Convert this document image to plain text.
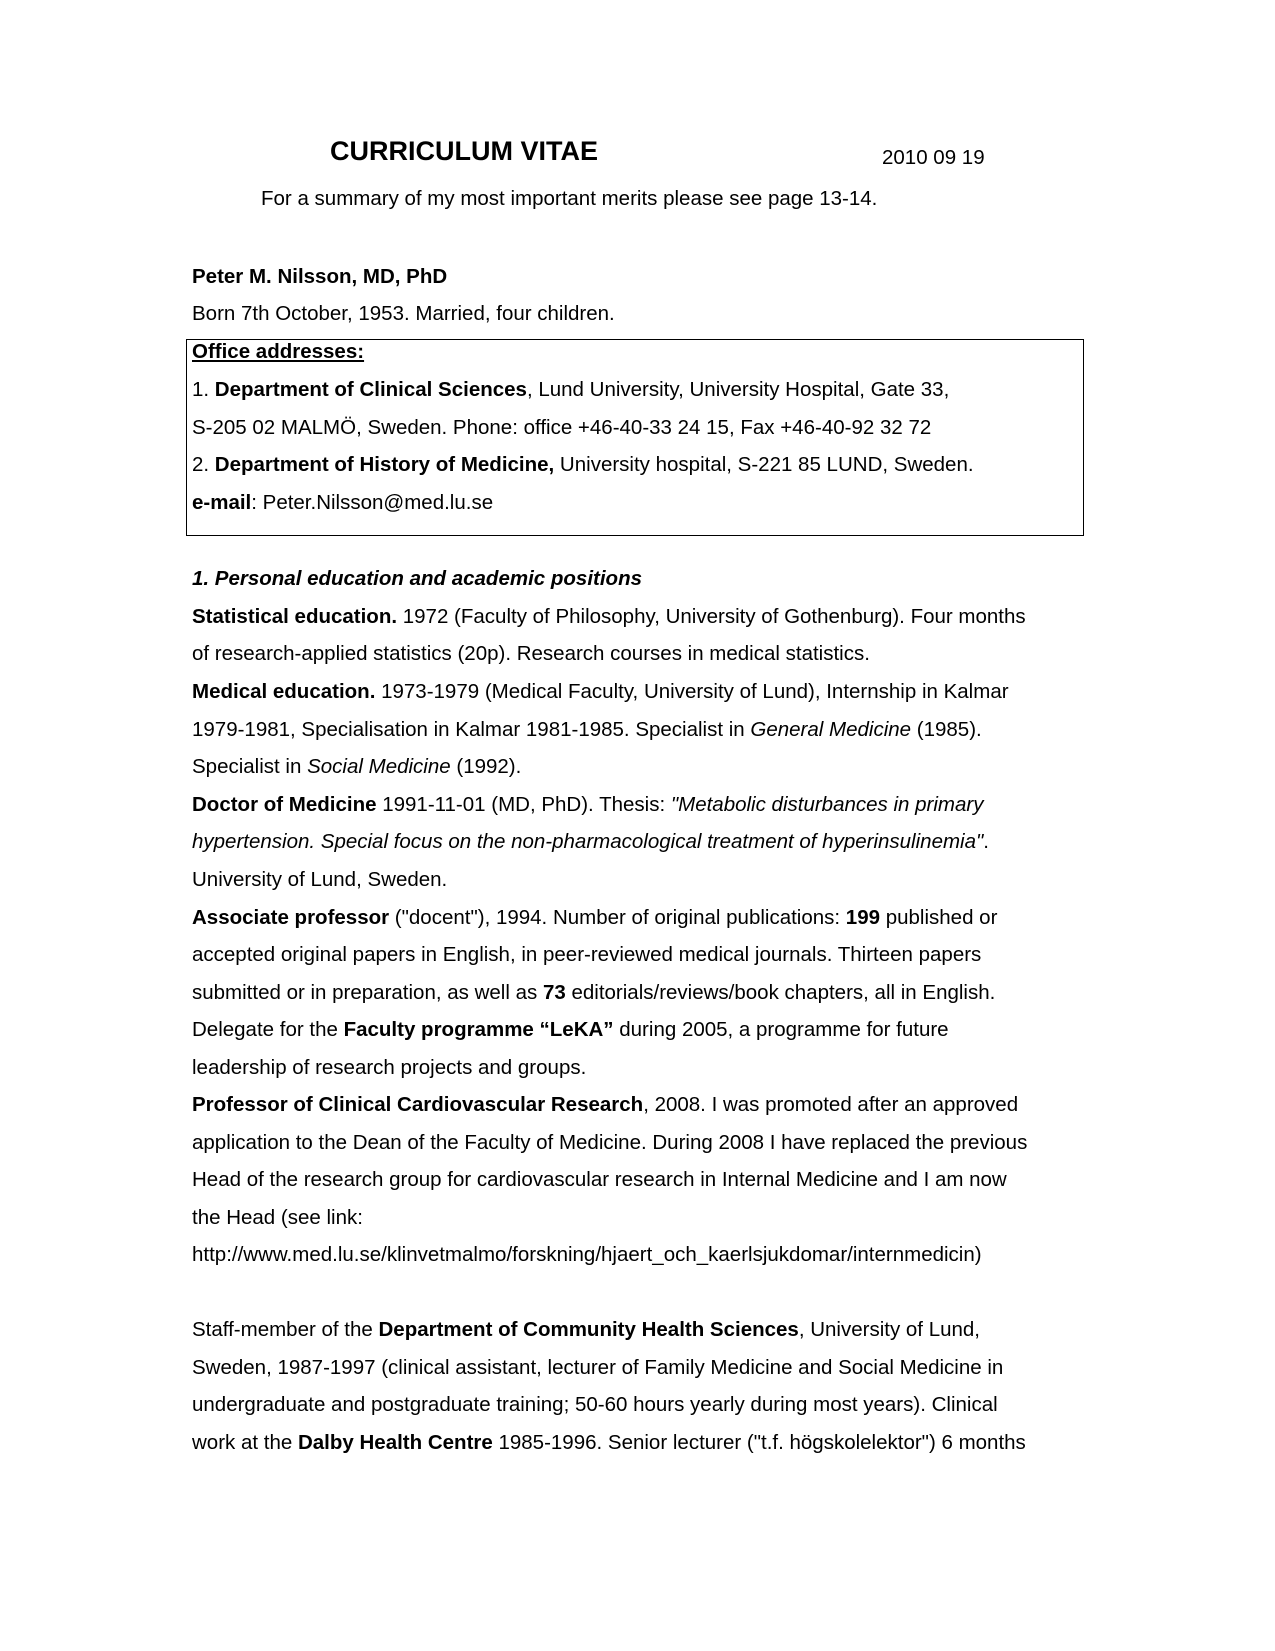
CURRICULUM VITAE	2010 09 19
For a summary of my most important merits please see page 13-14.
Peter M. Nilsson, MD, PhD
Born 7th October, 1953. Married, four children.
Office addresses:
1. Department of Clinical Sciences, Lund University, University Hospital, Gate 33,
S-205 02 MALMÖ, Sweden. Phone: office +46-40-33 24 15, Fax +46-40-92 32 72
2. Department of History of Medicine, University hospital, S-221 85 LUND, Sweden.
e-mail: Peter.Nilsson@med.lu.se
1. Personal education and academic positions
Statistical education. 1972 (Faculty of Philosophy, University of Gothenburg). Four months
of research-applied statistics (20p). Research courses in medical statistics.
Medical education. 1973-1979 (Medical Faculty, University of Lund), Internship in Kalmar
1979-1981, Specialisation in Kalmar 1981-1985. Specialist in General Medicine (1985).
Specialist in Social Medicine (1992).
Doctor of Medicine 1991-11-01 (MD, PhD). Thesis: "Metabolic disturbances in primary
hypertension. Special focus on the non-pharmacological treatment of hyperinsulinemia".
University of Lund, Sweden.
Associate professor ("docent"), 1994. Number of original publications: 199 published or
accepted original papers in English, in peer-reviewed medical journals. Thirteen papers
submitted or in preparation, as well as 73 editorials/reviews/book chapters, all in English.
Delegate for the Faculty programme “LeKA” during 2005, a programme for future
leadership of research projects and groups.
Professor of Clinical Cardiovascular Research, 2008. I was promoted after an approved
application to the Dean of the Faculty of Medicine. During 2008 I have replaced the previous
Head of the research group for cardiovascular research in Internal Medicine and I am now
the Head (see link:
http://www.med.lu.se/klinvetmalmo/forskning/hjaert_och_kaerlsjukdomar/internmedicin)
Staff-member of the Department of Community Health Sciences, University of Lund,
Sweden, 1987-1997 (clinical assistant, lecturer of Family Medicine and Social Medicine in
undergraduate and postgraduate training; 50-60 hours yearly during most years). Clinical
work at the Dalby Health Centre 1985-1996. Senior lecturer ("t.f. högskolelektor") 6 months
